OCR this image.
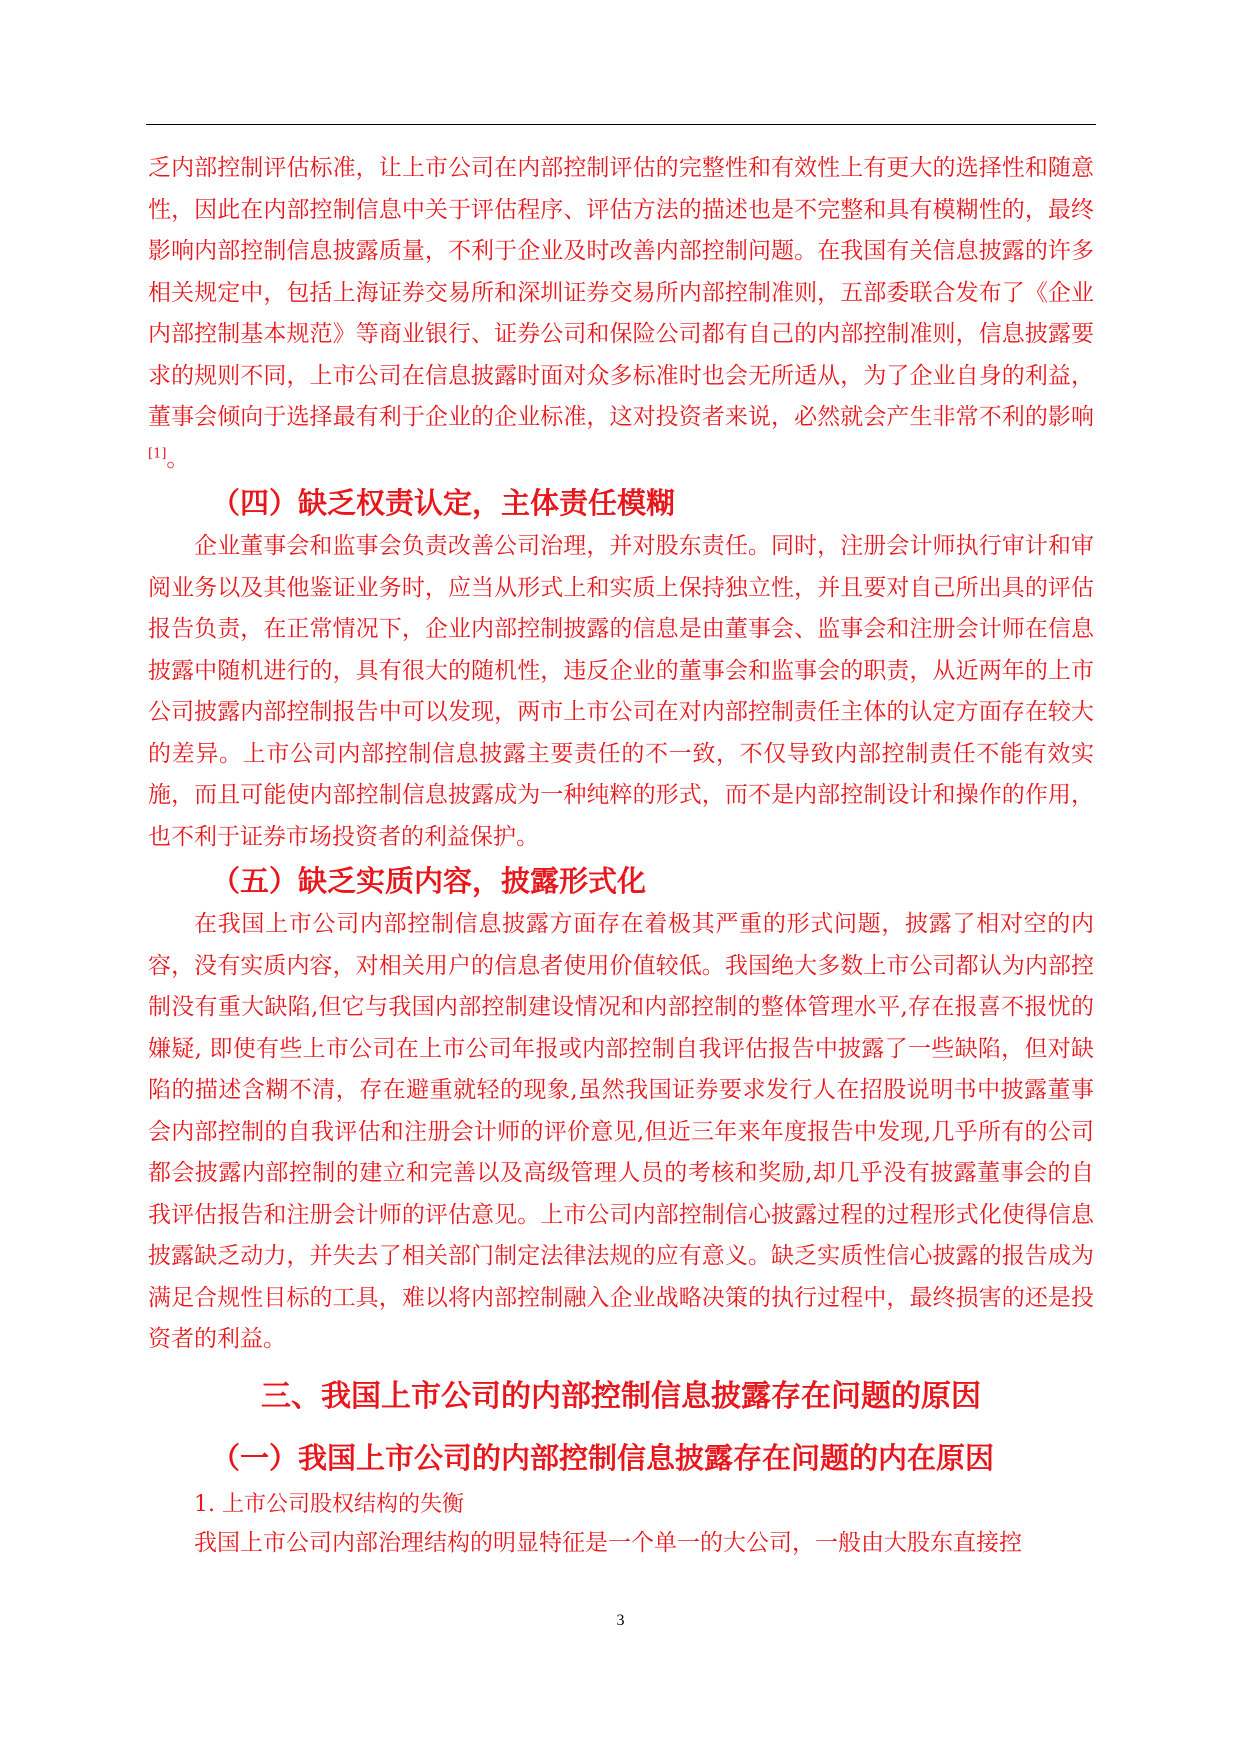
乏内部控制评估标准，让上市公司在内部控制评估的完整性和有效性上有更大的选择性和随意性，因此在内部控制信息中关于评估程序、评估方法的描述也是不完整和具有模糊性的，最终影响内部控制信息披露质量，不利于企业及时改善内部控制问题。在我国有关信息披露的许多相关规定中，包括上海证券交易所和深圳证券交易所内部控制准则，五部委联合发布了《企业内部控制基本规范》等商业银行、证券公司和保险公司都有自己的内部控制准则，信息披露要求的规则不同，上市公司在信息披露时面对众多标准时也会无所适从，为了企业自身的利益，董事会倾向于选择最有利于企业的企业标准，这对投资者来说，必然就会产生非常不利的影响[1]。

（四）缺乏权责认定，主体责任模糊

企业董事会和监事会负责改善公司治理，并对股东责任。同时，注册会计师执行审计和审阅业务以及其他鉴证业务时，应当从形式上和实质上保持独立性，并且要对自己所出具的评估报告负责，在正常情况下，企业内部控制披露的信息是由董事会、监事会和注册会计师在信息披露中随机进行的，具有很大的随机性，违反企业的董事会和监事会的职责，从近两年的上市公司披露内部控制报告中可以发现，两市上市公司在对内部控制责任主体的认定方面存在较大的差异。上市公司内部控制信息披露主要责任的不一致，不仅导致内部控制责任不能有效实施，而且可能使内部控制信息披露成为一种纯粹的形式，而不是内部控制设计和操作的作用，也不利于证券市场投资者的利益保护。

（五）缺乏实质内容，披露形式化

在我国上市公司内部控制信息披露方面存在着极其严重的形式问题，披露了相对空的内容，没有实质内容，对相关用户的信息者使用价值较低。我国绝大多数上市公司都认为内部控制没有重大缺陷,但它与我国内部控制建设情况和内部控制的整体管理水平,存在报喜不报忧的嫌疑, 即使有些上市公司在上市公司年报或内部控制自我评估报告中披露了一些缺陷，但对缺陷的描述含糊不清，存在避重就轻的现象,虽然我国证券要求发行人在招股说明书中披露董事会内部控制的自我评估和注册会计师的评价意见,但近三年来年度报告中发现,几乎所有的公司都会披露内部控制的建立和完善以及高级管理人员的考核和奖励,却几乎没有披露董事会的自我评估报告和注册会计师的评估意见。上市公司内部控制信心披露过程的过程形式化使得信息披露缺乏动力，并失去了相关部门制定法律法规的应有意义。缺乏实质性信心披露的报告成为满足合规性目标的工具，难以将内部控制融入企业战略决策的执行过程中，最终损害的还是投资者的利益。

三、我国上市公司的内部控制信息披露存在问题的原因
（一）我国上市公司的内部控制信息披露存在问题的内在原因

1. 上市公司股权结构的失衡

我国上市公司内部治理结构的明显特征是一个单一的大公司，一般由大股东直接控

3
